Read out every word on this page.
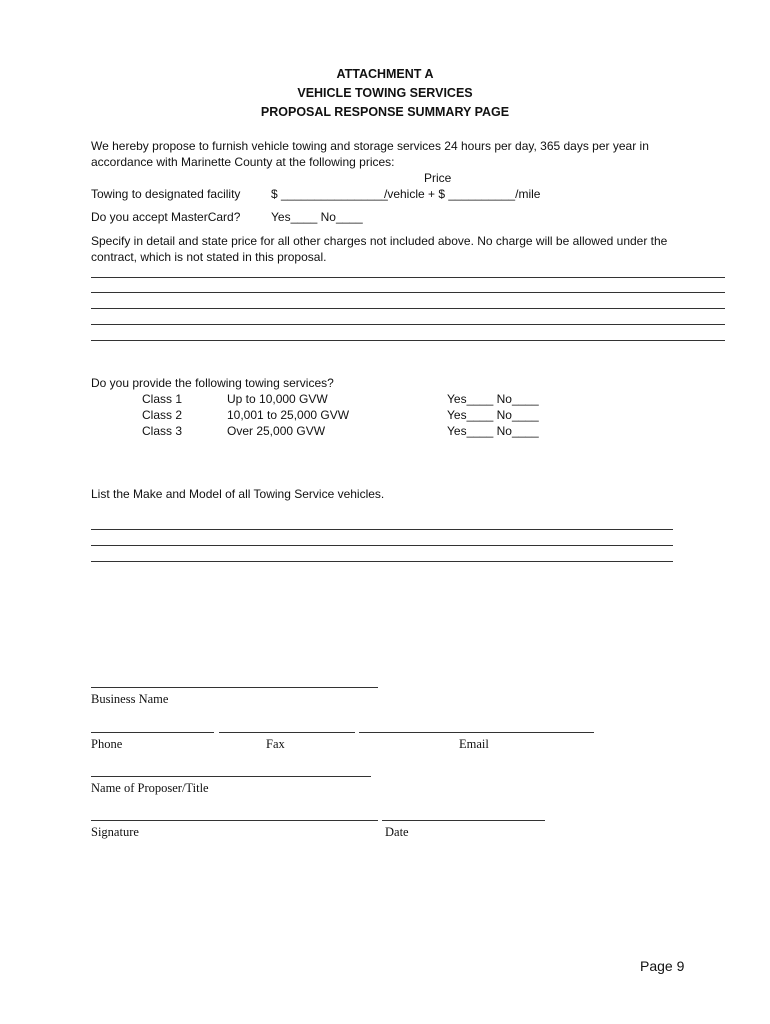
ATTACHMENT A
VEHICLE TOWING SERVICES
PROPOSAL RESPONSE SUMMARY PAGE
We hereby propose to furnish vehicle towing and storage services 24 hours per day, 365 days per year in
accordance with Marinette County at the following prices:
Price
Towing to designated facility	$ ________________
/vehicle + $ __________/mile
Do you accept MasterCard?	Yes____ No____
Specify in detail and state price for all other charges not included above. No charge will be allowed under the
contract, which is not stated in this proposal.
Do you provide the following towing services?
Class 1	Up to 10,000 GVW	Yes____ No____
Class 2	10,001 to 25,000 GVW	Yes____ No____
Class 3	Over 25,000 GVW	Yes____ No____
List the Make and Model of all Towing Service vehicles.
Business Name
Phone	Fax	Email
Name of Proposer/Title
Signature	Date
Page 9
